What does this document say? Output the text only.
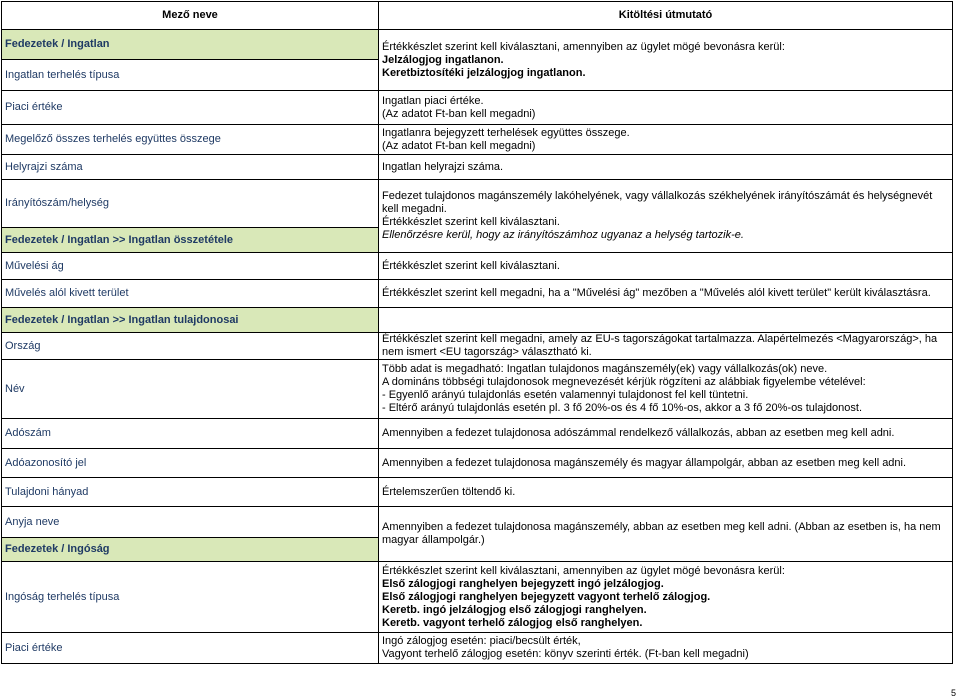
Mező neve	Kitöltési útmutató
Fedezetek / Ingatlan	Értékkészlet szerint kell kiválasztani, amennyiben az ügylet mögé bevonásra kerül:
Jelzálogjog ingatlanon.
Keretbiztosítéki jelzálogjog ingatlanon.

Ingatlan terhelés típusa	
Piaci értéke	Ingatlan piaci értéke.
(Az adatot Ft-ban kell megadni)

Megelőző összes terhelés együttes összege	Ingatlanra bejegyzett terhelések együttes összege.
(Az adatot Ft-ban kell megadni)

Helyrajzi száma	Ingatlan helyrajzi száma.

Irányítószám/helység	Fedezet tulajdonos magánszemély lakóhelyének, vagy vállalkozás székhelyének irányítószámát és helységnevét kell megadni.
Értékkészlet szerint kell kiválasztani.
Ellenőrzésre kerül, hogy az irányítószámhoz ugyanaz a helység tartozik-e.

Fedezetek / Ingatlan >> Ingatlan összetétele	
Művelési ág	Értékkészlet szerint kell kiválasztani.

Művelés alól kivett terület	Értékkészlet szerint kell megadni, ha a "Művelési ág" mezőben a "Művelés alól kivett terület" került kiválasztásra.

Fedezetek / Ingatlan >> Ingatlan tulajdonosai	
Ország	Értékkészlet szerint kell megadni, amely az EU-s tagországokat tartalmazza. Alapértelmezés <Magyarország>, ha nem ismert <EU tagország> választható ki.

Név	Több adat is megadható: Ingatlan tulajdonos magánszemély(ek) vagy vállalkozás(ok) neve.
A domináns többségi tulajdonosok megnevezését kérjük rögzíteni az alábbiak figyelembe vételével:
- Egyenlő arányú tulajdonlás esetén valamennyi tulajdonost fel kell tüntetni.
- Eltérő arányú tulajdonlás esetén pl. 3 fő 20%-os és 4 fő 10%-os, akkor a 3 fő 20%-os tulajdonost.

Adószám	Amennyiben a fedezet tulajdonosa adószámmal rendelkező vállalkozás, abban az esetben meg kell adni.

Adóazonosító jel	Amennyiben a fedezet tulajdonosa magánszemély és magyar állampolgár, abban az esetben meg kell adni.

Tulajdoni hányad	Értelemszerűen töltendő ki.

Anyja neve	Amennyiben a fedezet tulajdonosa magánszemély, abban az esetben meg kell adni. (Abban az esetben is, ha nem magyar állampolgár.)

Fedezetek / Ingóság	
Ingóság terhelés típusa	Értékkészlet szerint kell kiválasztani, amennyiben az ügylet mögé bevonásra kerül:
Első zálogjogi ranghelyen bejegyzett ingó jelzálogjog.
Első zálogjogi ranghelyen bejegyzett vagyont terhelő zálogjog.
Keretb. ingó jelzálogjog első zálogjogi ranghelyen.
Keretb. vagyont terhelő zálogjog első ranghelyen.

Piaci értéke	Ingó zálogjog esetén: piaci/becsült érték,
Vagyont terhelő zálogjog esetén: könyv szerinti érték. (Ft-ban kell megadni)
5
